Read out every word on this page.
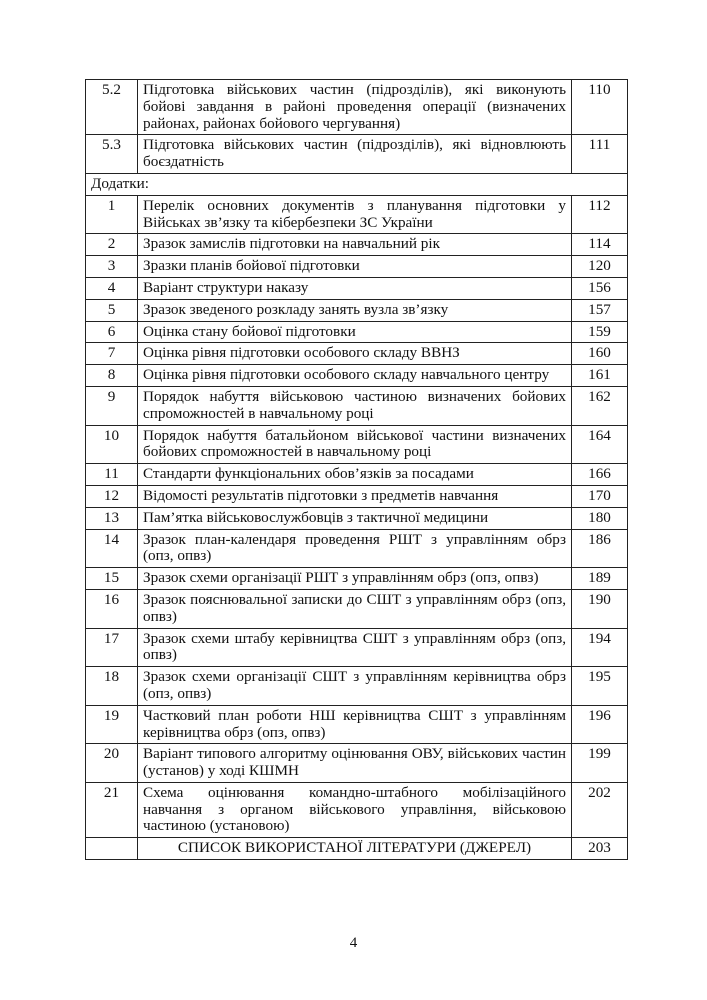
5.2	Підготовка військових частин (підрозділів), які виконують бойові завдання в районі проведення операції (визначених районах, районах бойового чергування)	110
5.3	Підготовка військових частин (підрозділів), які відновлюють боєздатність	111
Додатки:		
1	Перелік основних документів з планування підготовки у Військах зв’язку та кібербезпеки ЗС України	112
2	Зразок замислів підготовки на навчальний рік	114
3	Зразки планів бойової підготовки	120
4	Варіант структури наказу	156
5	Зразок зведеного розкладу занять вузла зв’язку	157
6	Оцінка стану бойової підготовки	159
7	Оцінка рівня підготовки особового складу ВВНЗ	160
8	Оцінка рівня підготовки особового складу навчального центру	161
9	Порядок набуття військовою частиною визначених бойових спроможностей в навчальному році	162
10	Порядок набуття батальйоном військової частини визначених бойових спроможностей в навчальному році	164
11	Стандарти функціональних обов’язків за посадами	166
12	Відомості результатів підготовки з предметів навчання	170
13	Пам’ятка військовослужбовців з тактичної медицини	180
14	Зразок план-календаря проведення РШТ з управлінням обрз (опз, опвз)	186
15	Зразок схеми організації РШТ з управлінням обрз (опз, опвз)	189
16	Зразок пояснювальної записки до СШТ з управлінням обрз (опз, опвз)	190
17	Зразок схеми штабу керівництва СШТ з управлінням обрз (опз, опвз)	194
18	Зразок схеми організації СШТ з управлінням керівництва обрз (опз, опвз)	195
19	Частковий план роботи НШ керівництва СШТ з управлінням керівництва обрз (опз, опвз)	196
20	Варіант типового алгоритму оцінювання ОВУ, військових частин (установ) у ході КШМН	199
21	Схема оцінювання командно-штабного мобілізаційного навчання з органом військового управління, військовою частиною (установою)	202
	СПИСОК ВИКОРИСТАНОЇ ЛІТЕРАТУРИ (ДЖЕРЕЛ)	203
4
